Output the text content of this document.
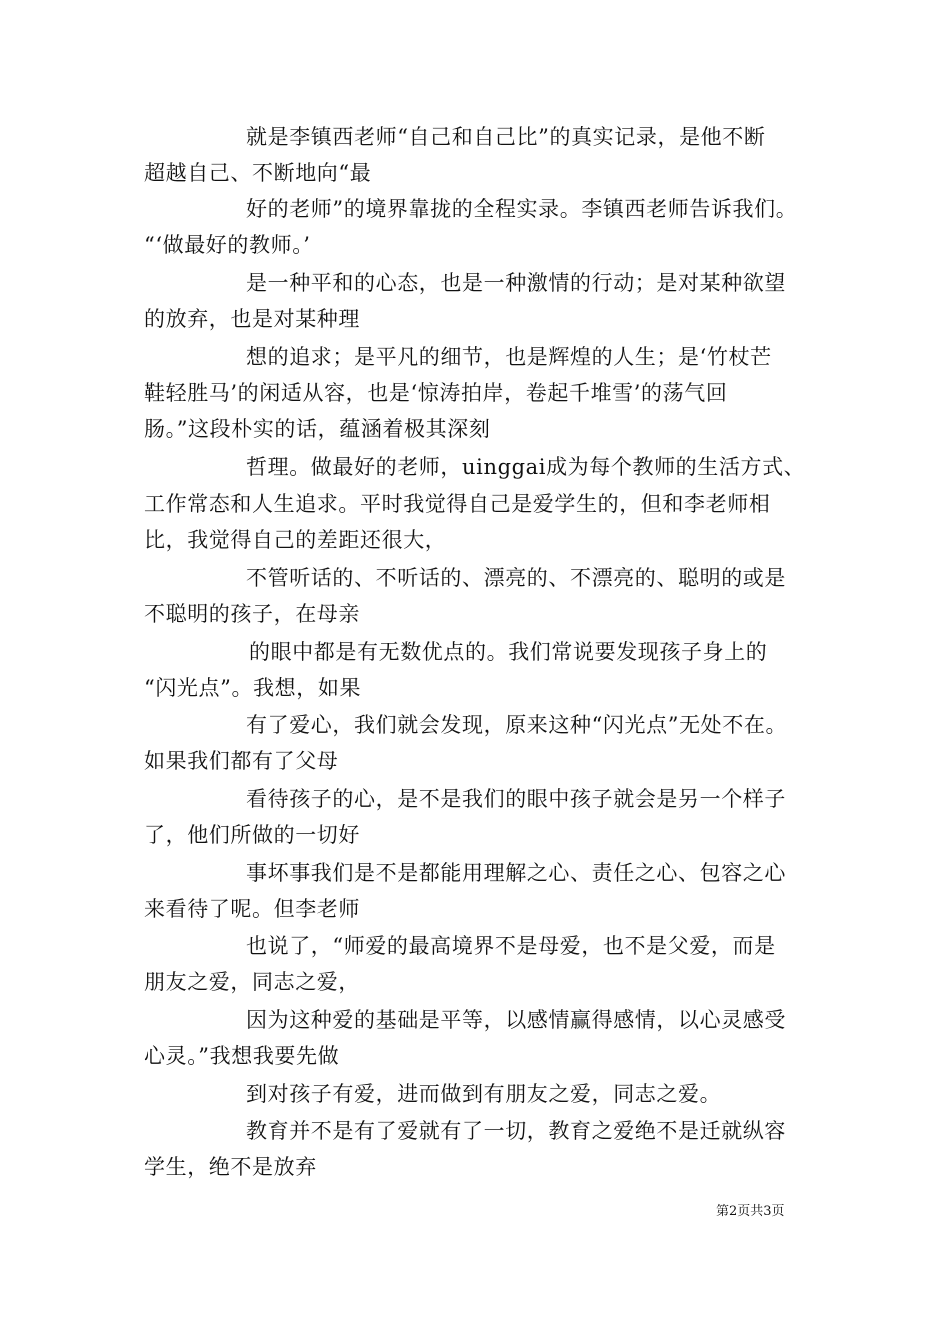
就是李镇西老师“自己和自己比”的真实记录，是他不断
超越自己、不断地向“最
好的老师”的境界靠拢的全程实录。李镇西老师告诉我们。
“‘做最好的教师。’
是一种平和的心态，也是一种激情的行动；是对某种欲望
的放弃，也是对某种理
想的追求；是平凡的细节，也是辉煌的人生；是‘竹杖芒
鞋轻胜马’的闲适从容，也是‘惊涛拍岸，卷起千堆雪’的荡气回
肠。”这段朴实的话，蕴涵着极其深刻
哲理。做最好的老师，uinggai成为每个教师的生活方式、
工作常态和人生追求。平时我觉得自己是爱学生的，但和李老师相
比，我觉得自己的差距还很大，
不管听话的、不听话的、漂亮的、不漂亮的、聪明的或是
不聪明的孩子，在母亲
的眼中都是有无数优点的。我们常说要发现孩子身上的
“闪光点”。我想，如果
有了爱心，我们就会发现，原来这种“闪光点”无处不在。
如果我们都有了父母
看待孩子的心，是不是我们的眼中孩子就会是另一个样子
了，他们所做的一切好
事坏事我们是不是都能用理解之心、责任之心、包容之心
来看待了呢。但李老师
也说了，“师爱的最高境界不是母爱，也不是父爱，而是
朋友之爱，同志之爱，
因为这种爱的基础是平等，以感情赢得感情，以心灵感受
心灵。”我想我要先做
到对孩子有爱，进而做到有朋友之爱，同志之爱。
教育并不是有了爱就有了一切，教育之爱绝不是迁就纵容
学生，绝不是放弃
第2页共3页
